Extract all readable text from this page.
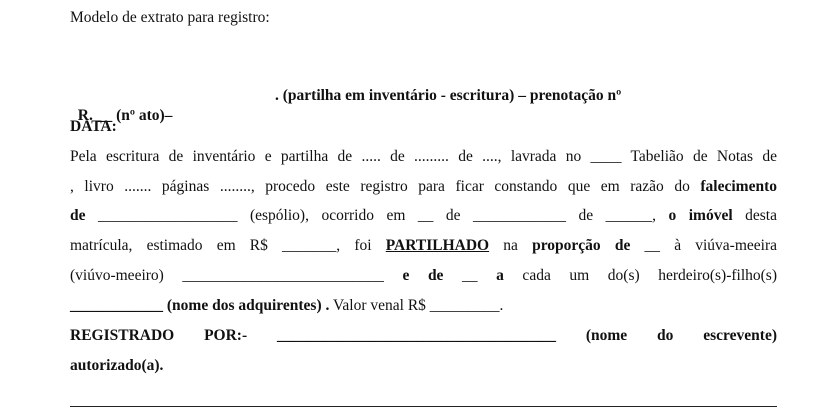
Modelo de extrato para registro:

R. __ (nº ato)–

. (partilha em inventário - escritura) – prenotação nº

DATA:
Pela escritura de inventário e partilha de ..... de ......... de ...., lavrada no ____ Tabelião de Notas de
, livro ....... páginas ........, procedo este registro para ficar constando que em razão do falecimento
de __________________ (espólio), ocorrido em __ de ____________ de ______, o imóvel desta
matrícula, estimado em R$ _______, foi PARTILHADO na proporção de __ à viúva-meeira
(viúvo-meeiro) __________________________ e de __ a cada um do(s) herdeiro(s)-filho(s)
____________ (nome dos adquirentes) . Valor venal R$ _________.
REGISTRADO POR:- ____________________________________ (nome do escrevente)
autorizado(a).
